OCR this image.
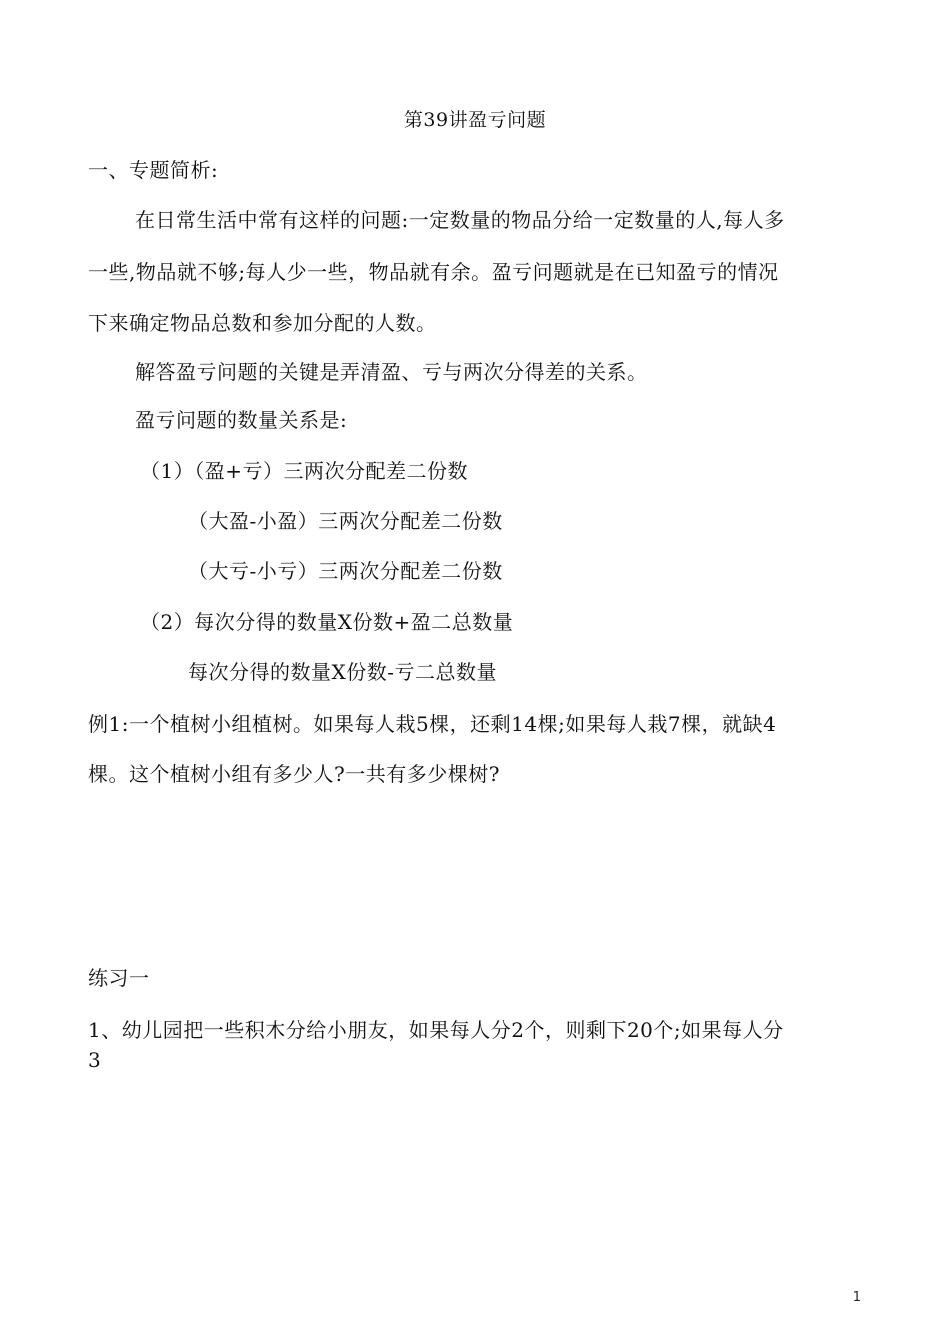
第39讲盈亏问题
一、专题简析:
在日常生活中常有这样的问题:一定数量的物品分给一定数量的人,每人多
一些,物品就不够;每人少一些，物品就有余。盈亏问题就是在已知盈亏的情况
下来确定物品总数和参加分配的人数。
解答盈亏问题的关键是弄清盈、亏与两次分得差的关系。
盈亏问题的数量关系是:
（1）（盈+亏）三两次分配差二份数
（大盈-小盈）三两次分配差二份数
（大亏-小亏）三两次分配差二份数
（2）每次分得的数量X份数+盈二总数量
每次分得的数量X份数-亏二总数量
例1:一个植树小组植树。如果每人栽5棵，还剩14棵;如果每人栽7棵，就缺4
棵。这个植树小组有多少人?一共有多少棵树?
练习一
1、幼儿园把一些积木分给小朋友，如果每人分2个，则剩下20个;如果每人分
3
1
